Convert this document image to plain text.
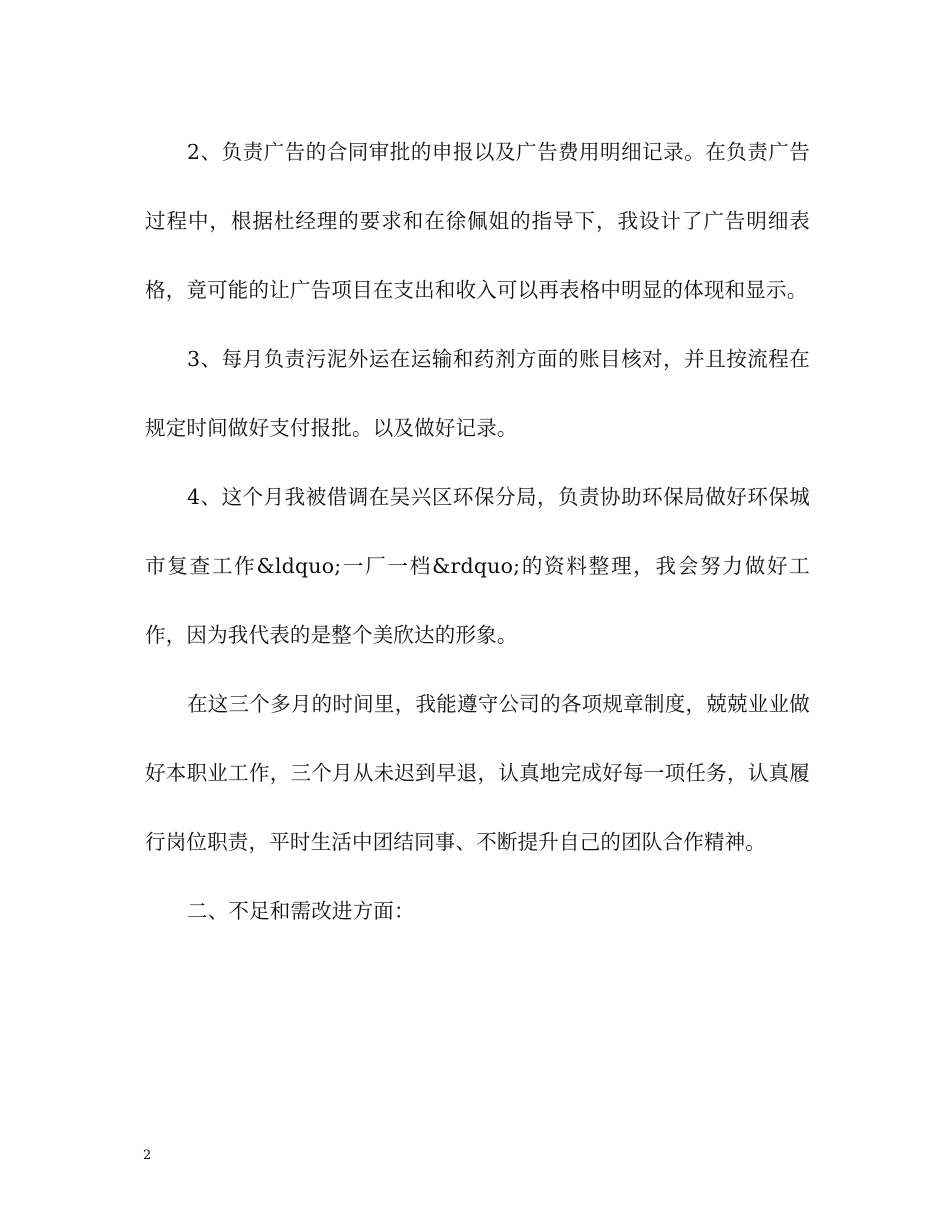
2、负责广告的合同审批的申报以及广告费用明细记录。在负责广告过程中，根据杜经理的要求和在徐佩姐的指导下，我设计了广告明细表格，竟可能的让广告项目在支出和收入可以再表格中明显的体现和显示。

3、每月负责污泥外运在运输和药剂方面的账目核对，并且按流程在规定时间做好支付报批。以及做好记录。

4、这个月我被借调在吴兴区环保分局，负责协助环保局做好环保城市复查工作&ldquo;一厂一档&rdquo;的资料整理，我会努力做好工作，因为我代表的是整个美欣达的形象。

在这三个多月的时间里，我能遵守公司的各项规章制度，兢兢业业做好本职业工作，三个月从未迟到早退，认真地完成好每一项任务，认真履行岗位职责，平时生活中团结同事、不断提升自己的团队合作精神。

二、不足和需改进方面：

2
